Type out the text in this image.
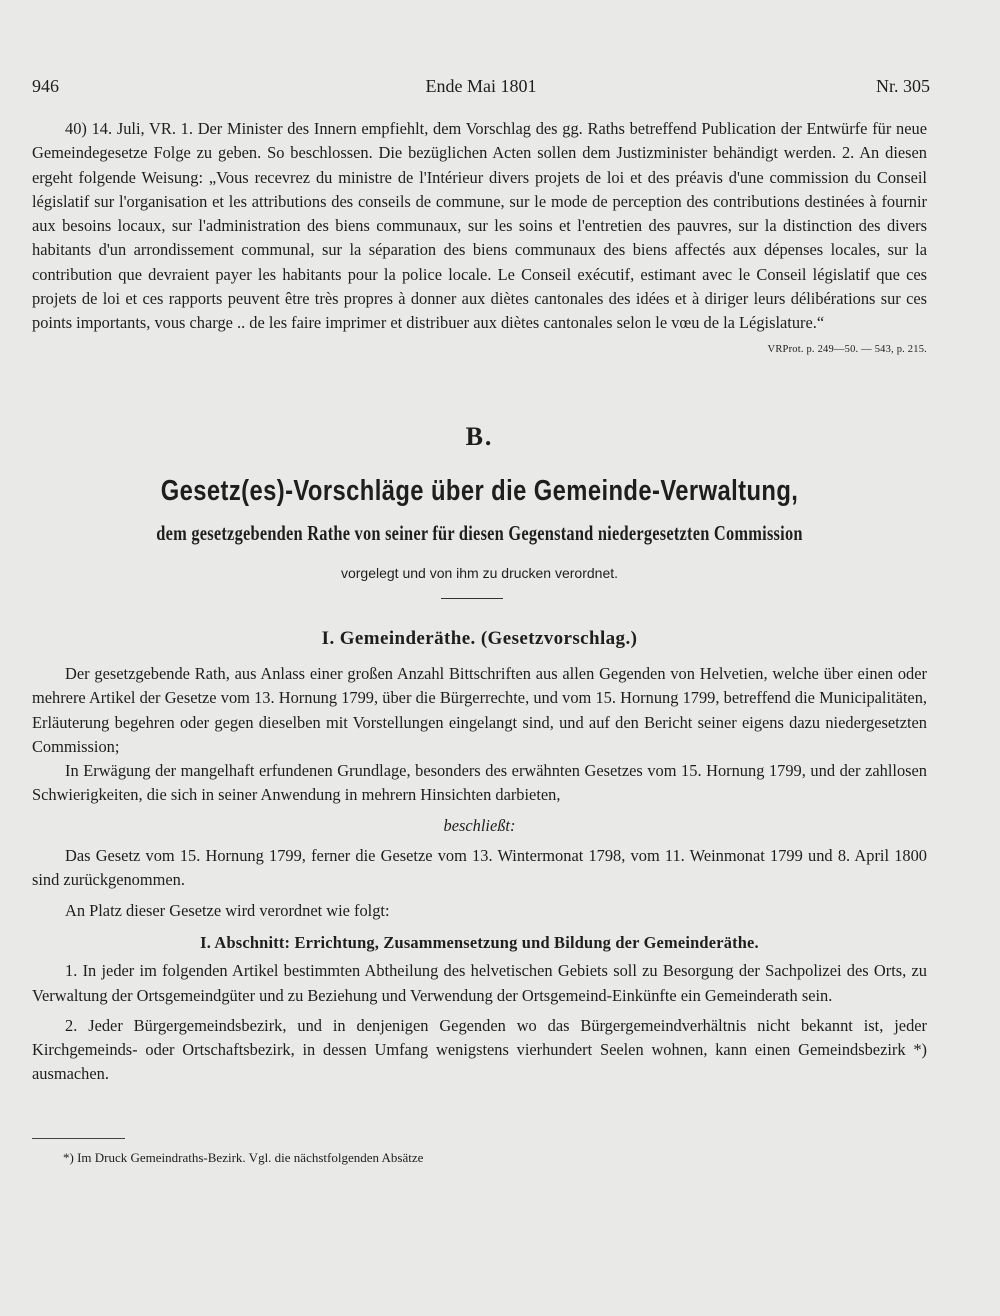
946	Ende Mai 1801	Nr. 305

40) 14. Juli, VR. 1. Der Minister des Innern empfiehlt, dem Vorschlag des gg. Raths betreffend Publication der Entwürfe für neue Gemeindegesetze Folge zu geben. So beschlossen. Die bezüglichen Acten sollen dem Justizminister behändigt werden. 2. An diesen ergeht folgende Weisung: „Vous recevrez du ministre de l'Intérieur divers projets de loi et des préavis d'une commission du Conseil législatif sur l'organisation et les attributions des conseils de commune, sur le mode de perception des contributions destinées à fournir aux besoins locaux, sur l'administration des biens communaux, sur les soins et l'entretien des pauvres, sur la distinction des divers habitants d'un arrondissement communal, sur la séparation des biens communaux des biens affectés aux dépenses locales, sur la contribution que devraient payer les habitants pour la police locale. Le Conseil exécutif, estimant avec le Conseil législatif que ces projets de loi et ces rapports peuvent être très propres à donner aux diètes cantonales des idées et à diriger leurs délibérations sur ces points importants, vous charge .. de les faire imprimer et distribuer aux diètes cantonales selon le vœu de la Législature.“
VRProt. p. 249—50. — 543, p. 215.

B.
Gesetz(es)-Vorschläge über die Gemeinde-Verwaltung,
dem gesetzgebenden Rathe von seiner für diesen Gegenstand niedergesetzten Commission
vorgelegt und von ihm zu drucken verordnet.
I. Gemeinderäthe. (Gesetzvorschlag.)

Der gesetzgebende Rath, aus Anlass einer großen Anzahl Bittschriften aus allen Gegenden von Helvetien, welche über einen oder mehrere Artikel der Gesetze vom 13. Hornung 1799, über die Bürgerrechte, und vom 15. Hornung 1799, betreffend die Municipalitäten, Erläuterung begehren oder gegen dieselben mit Vorstellungen eingelangt sind, und auf den Bericht seiner eigens dazu niedergesetzten Commission;

In Erwägung der mangelhaft erfundenen Grundlage, besonders des erwähnten Gesetzes vom 15. Hornung 1799, und der zahllosen Schwierigkeiten, die sich in seiner Anwendung in mehrern Hinsichten darbieten,

beschließt:

Das Gesetz vom 15. Hornung 1799, ferner die Gesetze vom 13. Wintermonat 1798, vom 11. Weinmonat 1799 und 8. April 1800 sind zurückgenommen.

An Platz dieser Gesetze wird verordnet wie folgt:

I. Abschnitt: Errichtung, Zusammensetzung und Bildung der Gemeinderäthe.

1. In jeder im folgenden Artikel bestimmten Abtheilung des helvetischen Gebiets soll zu Besorgung der Sachpolizei des Orts, zu Verwaltung der Ortsgemeindgüter und zu Beziehung und Verwendung der Ortsgemeind-Einkünfte ein Gemeinderath sein.

2. Jeder Bürgergemeindsbezirk, und in denjenigen Gegenden wo das Bürgergemeindverhältnis nicht bekannt ist, jeder Kirchgemeinds- oder Ortschaftsbezirk, in dessen Umfang wenigstens vierhundert Seelen wohnen, kann einen Gemeindsbezirk *) ausmachen.

*) Im Druck Gemeindraths-Bezirk. Vgl. die nächstfolgenden Absätze
